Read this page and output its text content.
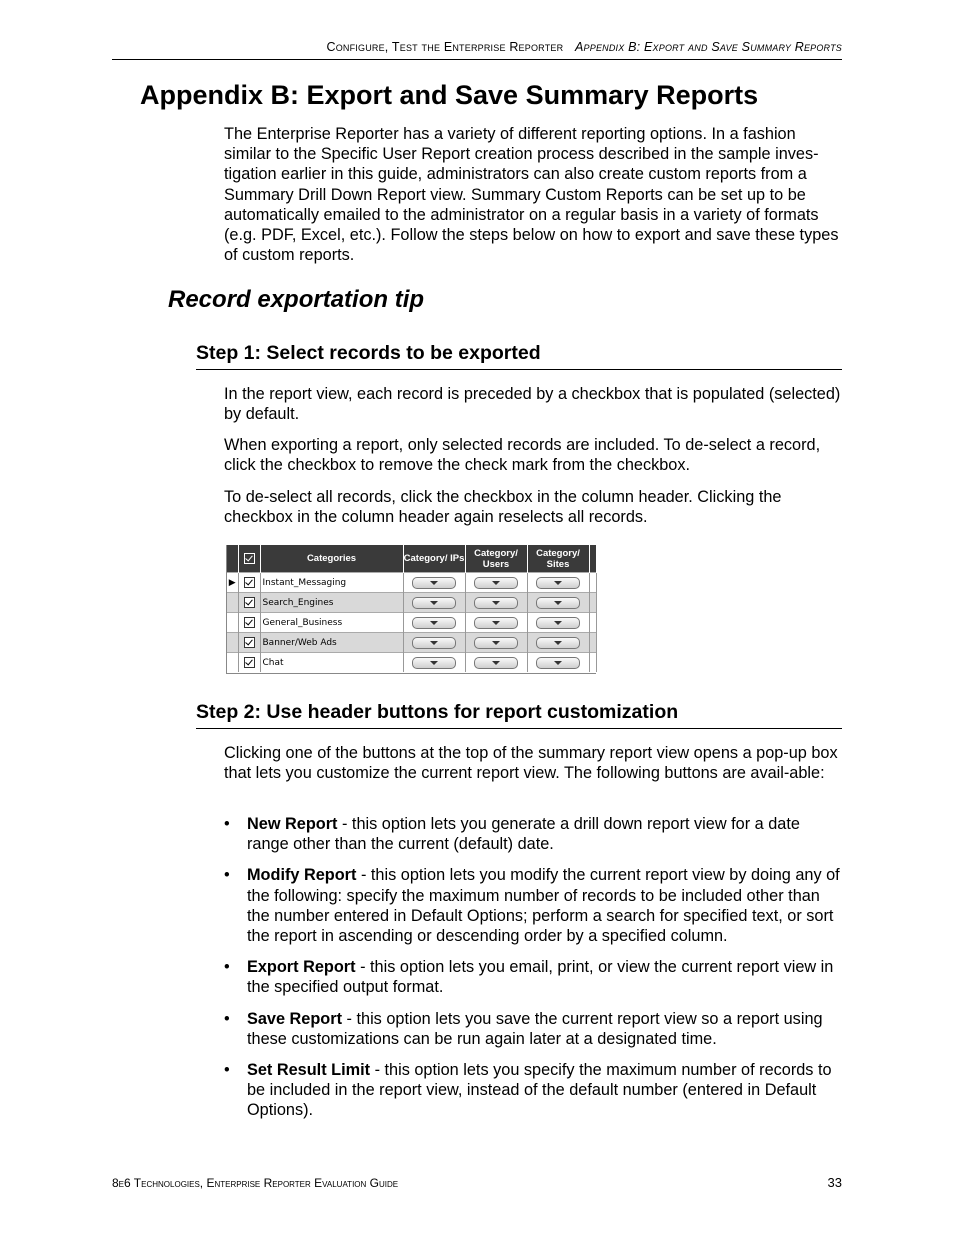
Configure, Test the Enterprise Reporter Appendix B: Export and Save Summary Reports
Appendix B: Export and Save Summary Reports

The Enterprise Reporter has a variety of different reporting options. In a fashion similar to the Specific User Report creation process described in the sample inves-tigation earlier in this guide, administrators can also create custom reports from a Summary Drill Down Report view. Summary Custom Reports can be set up to be automatically emailed to the administrator on a regular basis in a variety of formats (e.g. PDF, Excel, etc.). Follow the steps below on how to export and save these types of custom reports.

Record exportation tip
Step 1: Select records to be exported

In the report view, each record is preceded by a checkbox that is populated (selected) by default.

When exporting a report, only selected records are included. To de-select a record, click the checkbox to remove the check mark from the checkbox.

To de-select all records, click the checkbox in the column header. Clicking the checkbox in the column header again reselects all records.

		Categories	Category/ IPs	Category/ Users	Category/ Sites	
▶		Instant_Messaging				
		Search_Engines				
		General_Business				
		Banner/Web Ads				
		Chat				
Step 2: Use header buttons for report customization

Clicking one of the buttons at the top of the summary report view opens a pop-up box that lets you customize the current report view. The following buttons are avail-able:

• New Report - this option lets you generate a drill down report view for a date range other than the current (default) date.
• Modify Report - this option lets you modify the current report view by doing any of the following: specify the maximum number of records to be included other than the number entered in Default Options; perform a search for specified text, or sort the report in ascending or descending order by a specified column.
• Export Report - this option lets you email, print, or view the current report view in the specified output format.
• Save Report - this option lets you save the current report view so a report using these customizations can be run again later at a designated time.
• Set Result Limit - this option lets you specify the maximum number of records to be included in the report view, instead of the default number (entered in Default Options).
8e6 Technologies, Enterprise Reporter Evaluation Guide	33
